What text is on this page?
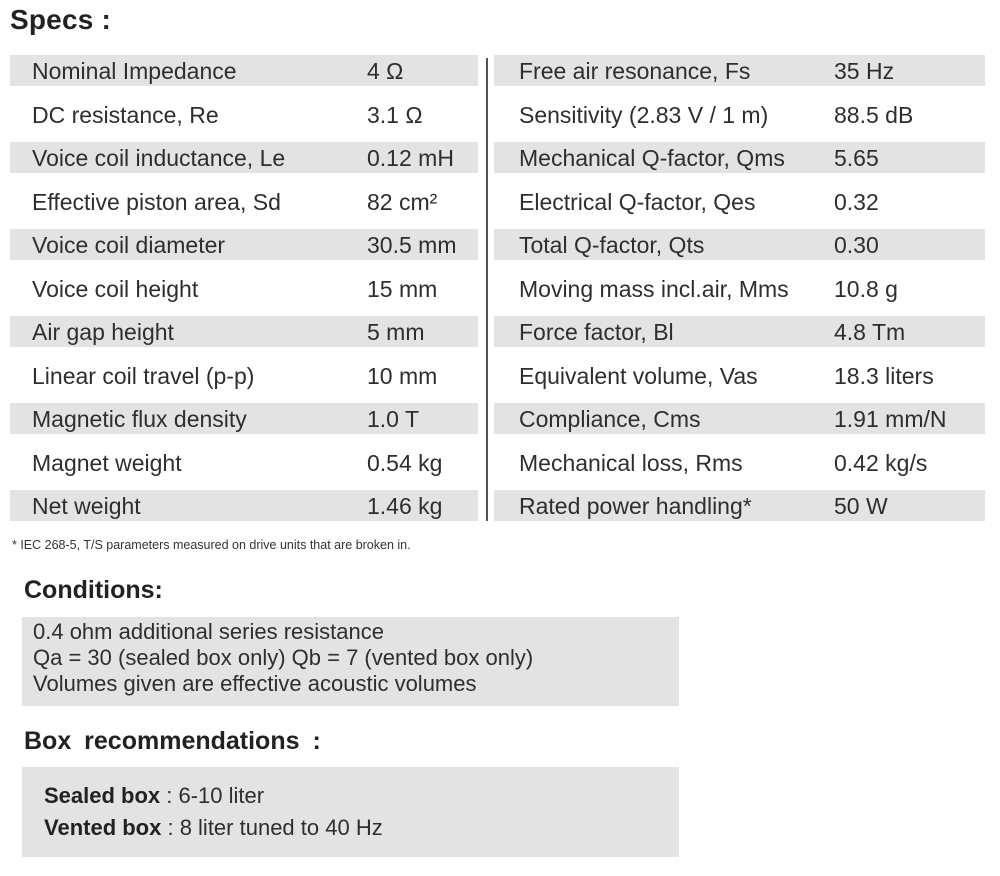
Specs :
Nominal Impedance	4 Ω	Free air resonance, Fs	35 Hz
DC resistance, Re	3.1 Ω	Sensitivity (2.83 V / 1 m)	88.5 dB
Voice coil inductance, Le	0.12 mH	Mechanical Q-factor, Qms 5.65
Effective piston area, Sd	82 cm²	Electrical Q-factor, Qes	0.32
Voice coil diameter	30.5 mm	Total Q-factor, Qts	0.30
Voice coil height	15 mm	Moving mass incl.air, Mms 10.8 g
Air gap height	5 mm	Force factor, Bl	4.8 Tm
Linear coil travel (p-p)	10 mm	Equivalent volume, Vas	18.3 liters
Magnetic flux density	1.0 T	Compliance, Cms	1.91 mm/N
Magnet weight	0.54 kg	Mechanical loss, Rms	0.42 kg/s
Net weight	1.46 kg	Rated power handling*	50 W
* IEC 268-5, T/S parameters measured on drive units that are broken in.
Conditions:
0.4 ohm additional series resistance
Qa = 30 (sealed box only) Qb = 7 (vented box only)
Volumes given are effective acoustic volumes
Box recommendations :
Sealed box : 6-10 liter
Vented box : 8 liter tuned to 40 Hz
